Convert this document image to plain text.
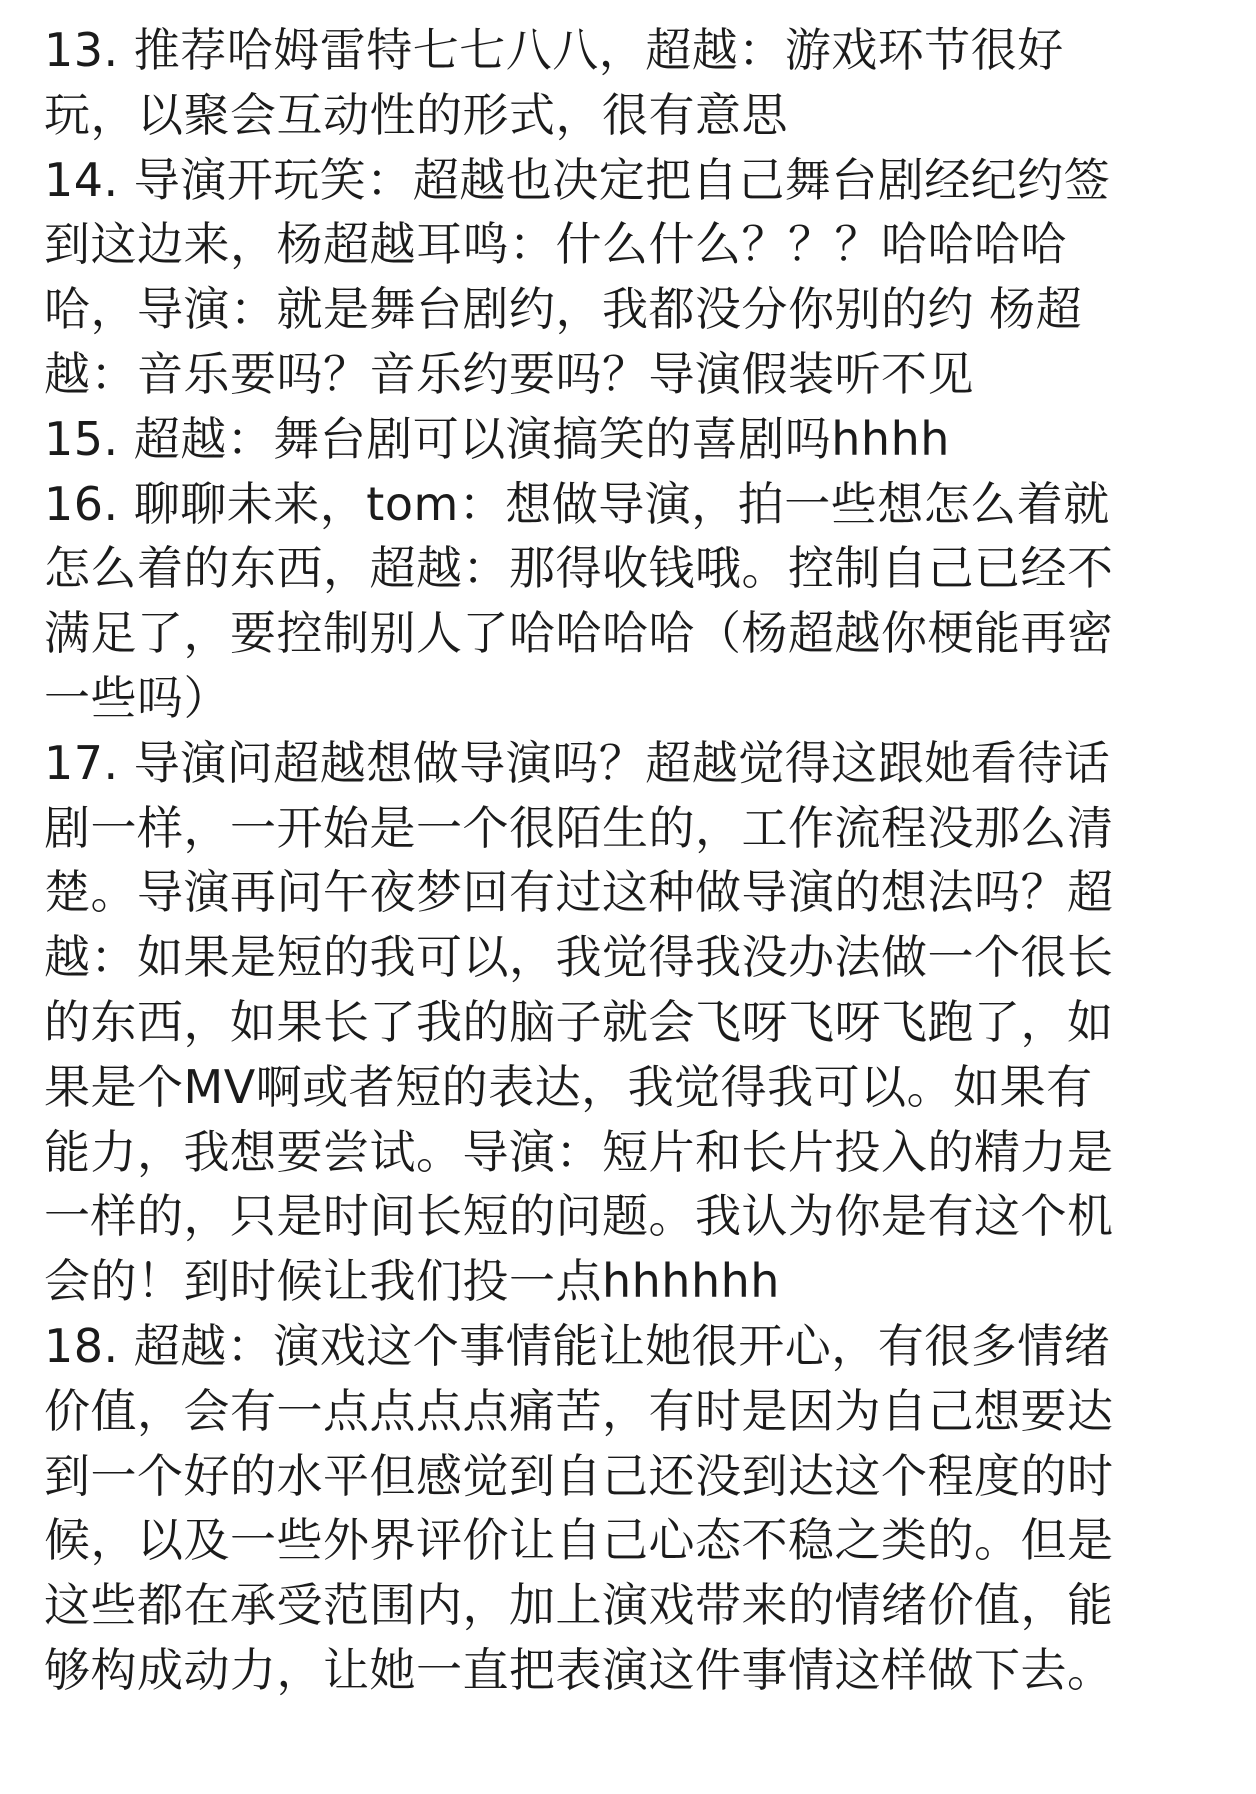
13. 推荐哈姆雷特七七八八，超越：游戏环节很好
玩，以聚会互动性的形式，很有意思
14. 导演开玩笑：超越也决定把自己舞台剧经纪约签
到这边来，杨超越耳鸣：什么什么？？？哈哈哈哈
哈，导演：就是舞台剧约，我都没分你别的约 杨超
越：音乐要吗？音乐约要吗？导演假装听不见
15. 超越：舞台剧可以演搞笑的喜剧吗hhhh
16. 聊聊未来，tom：想做导演，拍一些想怎么着就
怎么着的东西，超越：那得收钱哦。控制自己已经不
满足了，要控制别人了哈哈哈哈（杨超越你梗能再密
一些吗）
17. 导演问超越想做导演吗？超越觉得这跟她看待话
剧一样，一开始是一个很陌生的，工作流程没那么清
楚。导演再问午夜梦回有过这种做导演的想法吗？超
越：如果是短的我可以，我觉得我没办法做一个很长
的东西，如果长了我的脑子就会飞呀飞呀飞跑了，如
果是个MV啊或者短的表达，我觉得我可以。如果有
能力，我想要尝试。导演：短片和长片投入的精力是
一样的，只是时间长短的问题。我认为你是有这个机
会的！到时候让我们投一点hhhhhh
18. 超越：演戏这个事情能让她很开心，有很多情绪
价值，会有一点点点点痛苦，有时是因为自己想要达
到一个好的水平但感觉到自己还没到达这个程度的时
候，以及一些外界评价让自己心态不稳之类的。但是
这些都在承受范围内，加上演戏带来的情绪价值，能
够构成动力，让她一直把表演这件事情这样做下去。
